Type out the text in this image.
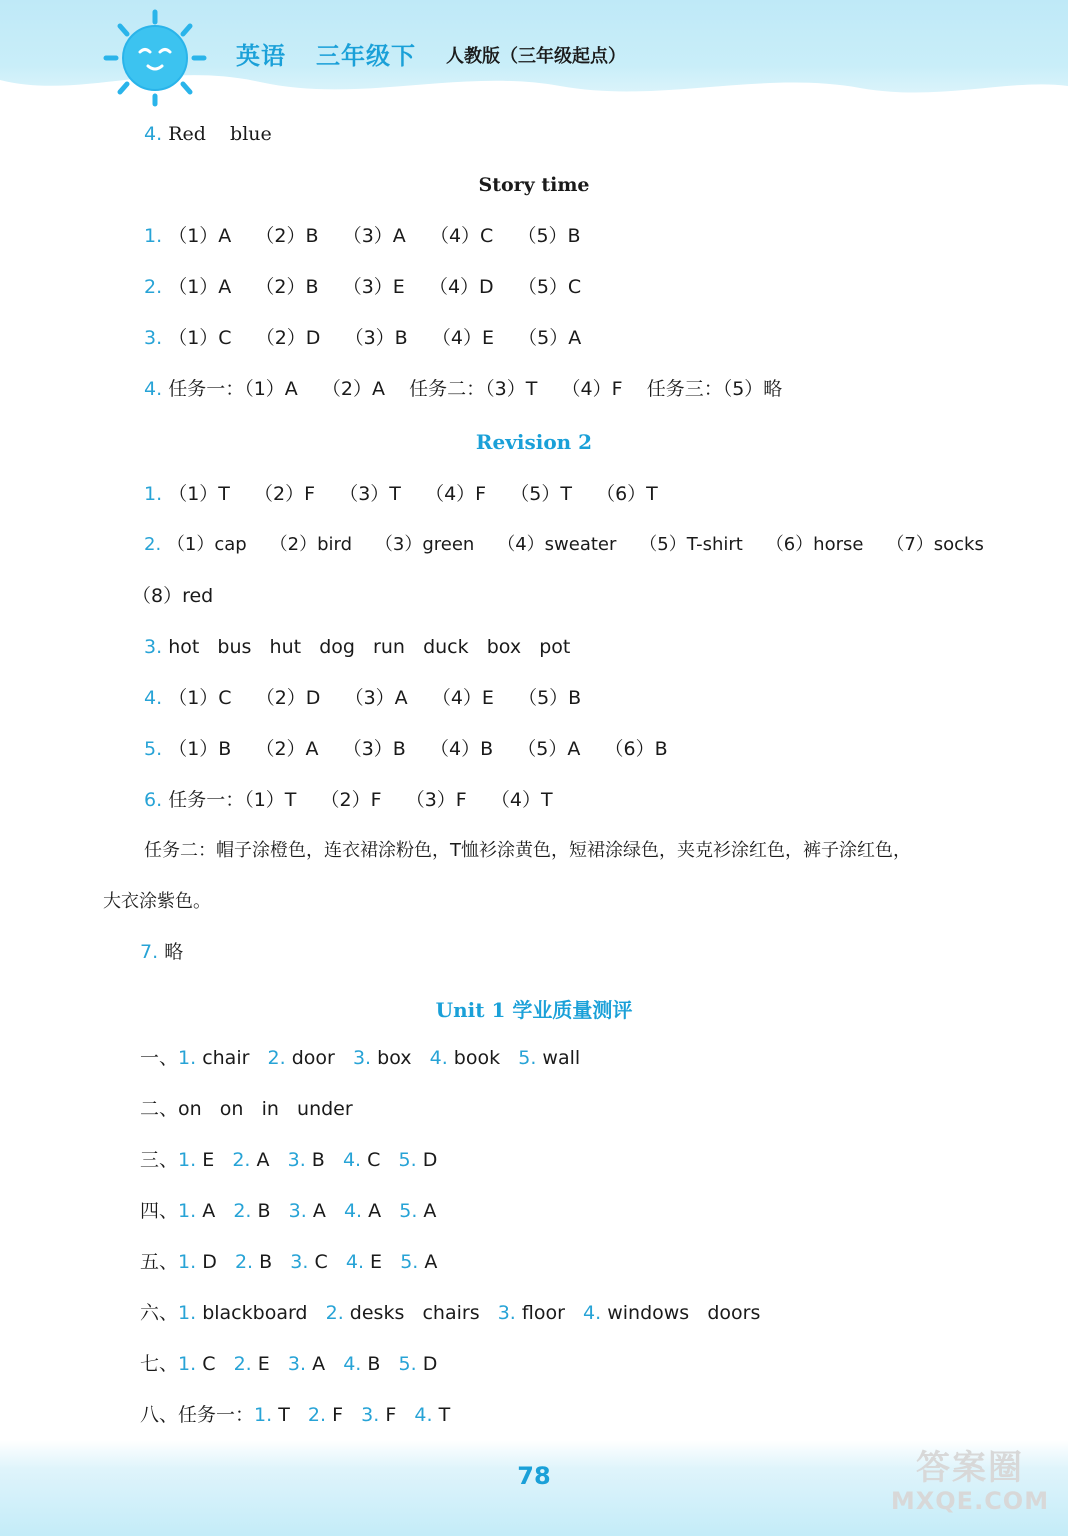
英语 三年级下 人教版（三年级起点）
4. Red    blue
Story time
1. （1）A    （2）B    （3）A    （4）C    （5）B
2. （1）A    （2）B    （3）E    （4）D    （5）C
3. （1）C    （2）D    （3）B    （4）E    （5）A
4. 任务一：（1）A    （2）A    任务二：（3）T    （4）F    任务三：（5）略
Revision 2
1. （1）T    （2）F    （3）T    （4）F    （5）T    （6）T
2. （1）cap    （2）bird    （3）green    （4）sweater    （5）T-shirt    （6）horse    （7）socks
（8）red
3. hot   bus   hut   dog   run   duck   box   pot
4. （1）C    （2）D    （3）A    （4）E    （5）B
5. （1）B    （2）A    （3）B    （4）B    （5）A    （6）B
6. 任务一：（1）T    （2）F    （3）F    （4）T
任务二：帽子涂橙色，连衣裙涂粉色，T恤衫涂黄色，短裙涂绿色，夹克衫涂红色，裤子涂红色，
大衣涂紫色。
7. 略
Unit 1 学业质量测评
一、1. chair   2. door   3. box   4. book   5. wall
二、on   on   in   under
三、1. E   2. A   3. B   4. C   5. D
四、1. A   2. B   3. A   4. A   5. A
五、1. D   2. B   3. C   4. E   5. A
六、1. blackboard   2. desks   chairs   3. floor   4. windows   doors
七、1. C   2. E   3. A   4. B   5. D
八、任务一：1. T   2. F   3. F   4. T
78	答案圈
MXQE.COM
